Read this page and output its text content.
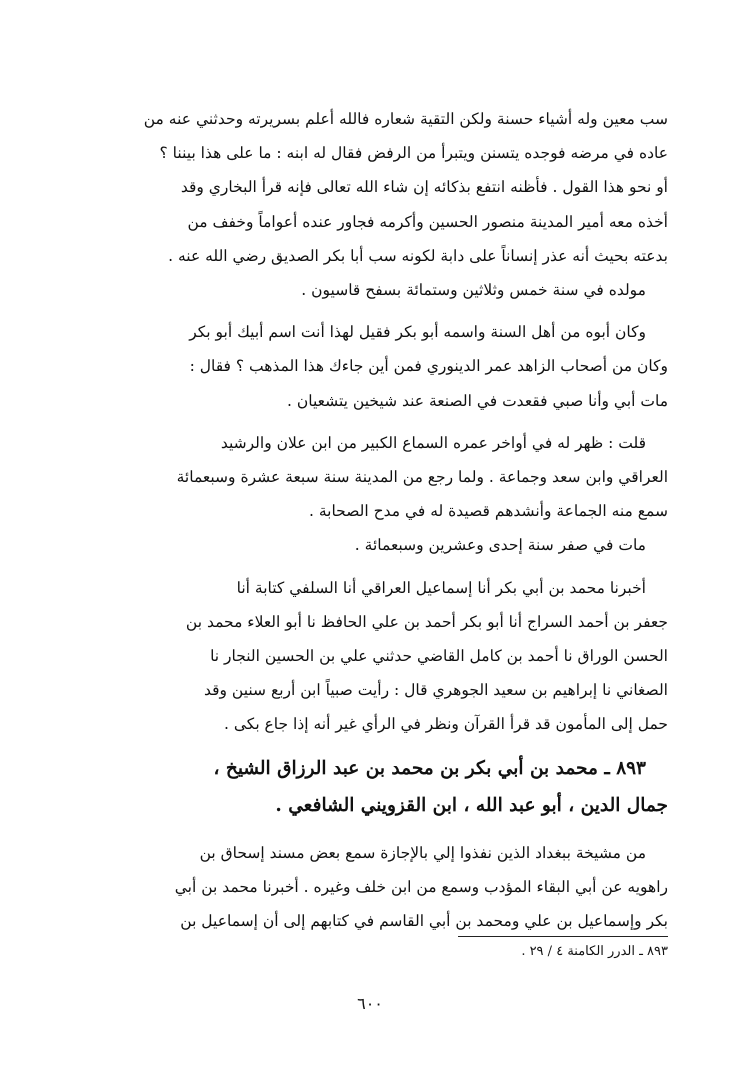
سب معين وله أشياء حسنة ولكن التقية شعاره فالله أعلم بسريرته وحدثني عنه من

عاده في مرضه فوجده يتسنن ويتبرأ من الرفض فقال له ابنه : ما على هذا بيننا ؟

أو نحو هذا القول . فأظنه انتفع بذكائه إن شاء الله تعالى فإنه قرأ البخاري وقد

أخذه معه أمير المدينة منصور الحسين وأكرمه فجاور عنده أعواماً وخفف من

بدعته بحيث أنه عذر إنساناً على دابة لكونه سب أبا بكر الصديق رضي الله عنه .

مولده في سنة خمس وثلاثين وستمائة بسفح قاسيون .

وكان أبوه من أهل السنة واسمه أبو بكر فقيل لهذا أنت اسم أبيك أبو بكر

وكان من أصحاب الزاهد عمر الدينوري فمن أين جاءك هذا المذهب ؟ فقال :

مات أبي وأنا صبي فقعدت في الصنعة عند شيخين يتشعيان .

قلت : ظهر له في أواخر عمره السماع الكبير من ابن علان والرشيد

العراقي وابن سعد وجماعة . ولما رجع من المدينة سنة سبعة عشرة وسبعمائة

سمع منه الجماعة وأنشدهم قصيدة له في مدح الصحابة .

مات في صفر سنة إحدى وعشرين وسبعمائة .

أخبرنا محمد بن أبي بكر أنا إسماعيل العراقي أنا السلفي كتابة أنا

جعفر بن أحمد السراج أنا أبو بكر أحمد بن علي الحافظ نا أبو العلاء محمد بن

الحسن الوراق نا أحمد بن كامل القاضي حدثني علي بن الحسين النجار نا

الصغاني نا إبراهيم بن سعيد الجوهري قال : رأيت صبياً ابن أربع سنين وقد

حمل إلى المأمون قد قرأ القرآن ونظر في الرأي غير أنه إذا جاع بكى .

٨٩٣ ـ محمد بن أبي بكر بن محمد بن عبد الرزاق الشيخ ،

جمال الدين ، أبو عبد الله ، ابن القزويني الشافعي .

من مشيخة ببغداد الذين نفذوا إلي بالإجازة سمع بعض مسند إسحاق بن

راهويه عن أبي البقاء المؤدب وسمع من ابن خلف وغيره . أخبرنا محمد بن أبي

بكر وإسماعيل بن علي ومحمد بن أبي القاسم في كتابهم إلى أن إسماعيل بن

٨٩٣ ـ الدرر الكامنة ٤ / ٢٩ .
٦٠٠
